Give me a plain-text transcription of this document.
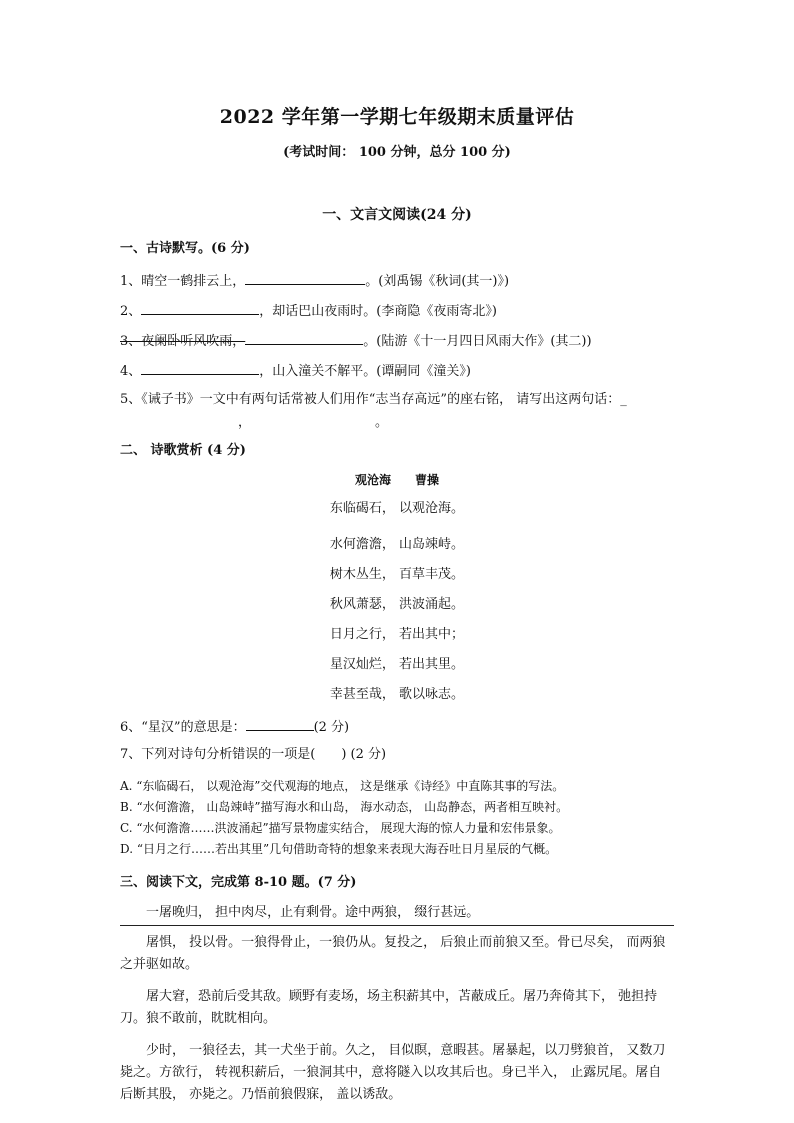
2022 学年第一学期七年级期末质量评估
(考试时间： 100 分钟，总分 100 分)
一、文言文阅读(24 分)
一、古诗默写。(6 分)
1、晴空一鹤排云上，	。(刘禹锡《秋词(其一)》)
2、	，却话巴山夜雨时。(李商隐《夜雨寄北》)
3、夜阑卧听风吹雨，	。(陆游《十一月四日风雨大作》(其二))
4、	，山入潼关不解平。(谭嗣同《潼关》)
5、《诫子书》一文中有两句话常被人们用作“志当存高远”的座右铭， 请写出这两句话：_
，	。
二、 诗歌赏析 (4 分)
观沧海　　曹操
东临碣石， 以观沧海。
水何澹澹， 山岛竦峙。
树木丛生， 百草丰茂。
秋风萧瑟， 洪波涌起。
日月之行， 若出其中；
星汉灿烂， 若出其里。
幸甚至哉， 歌以咏志。
6、“星汉”的意思是：	(2 分)
7、下列对诗句分析错误的一项是(　　) (2 分)
A. “东临碣石， 以观沧海”交代观海的地点， 这是继承《诗经》中直陈其事的写法。
B. “水何澹澹， 山岛竦峙”描写海水和山岛， 海水动态， 山岛静态，两者相互映衬。
C. “水何澹澹……洪波涌起”描写景物虚实结合， 展现大海的惊人力量和宏伟景象。
D. “日月之行……若出其里”几句借助奇特的想象来表现大海吞吐日月星辰的气概。
三、阅读下文，完成第 8-10 题。(7 分)
一屠晚归， 担中肉尽，止有剩骨。途中两狼， 缀行甚远。
屠惧， 投以骨。一狼得骨止，一狼仍从。复投之， 后狼止而前狼又至。骨已尽矣， 而两狼之并驱如故。
屠大窘，恐前后受其敌。顾野有麦场，场主积薪其中，苫蔽成丘。屠乃奔倚其下， 弛担持刀。狼不敢前，眈眈相向。
少时， 一狼径去，其一犬坐于前。久之， 目似瞑，意暇甚。屠暴起，以刀劈狼首， 又数刀毙之。方欲行， 转视积薪后，一狼洞其中，意将隧入以攻其后也。身已半入， 止露尻尾。屠自后断其股， 亦毙之。乃悟前狼假寐， 盖以诱敌。
